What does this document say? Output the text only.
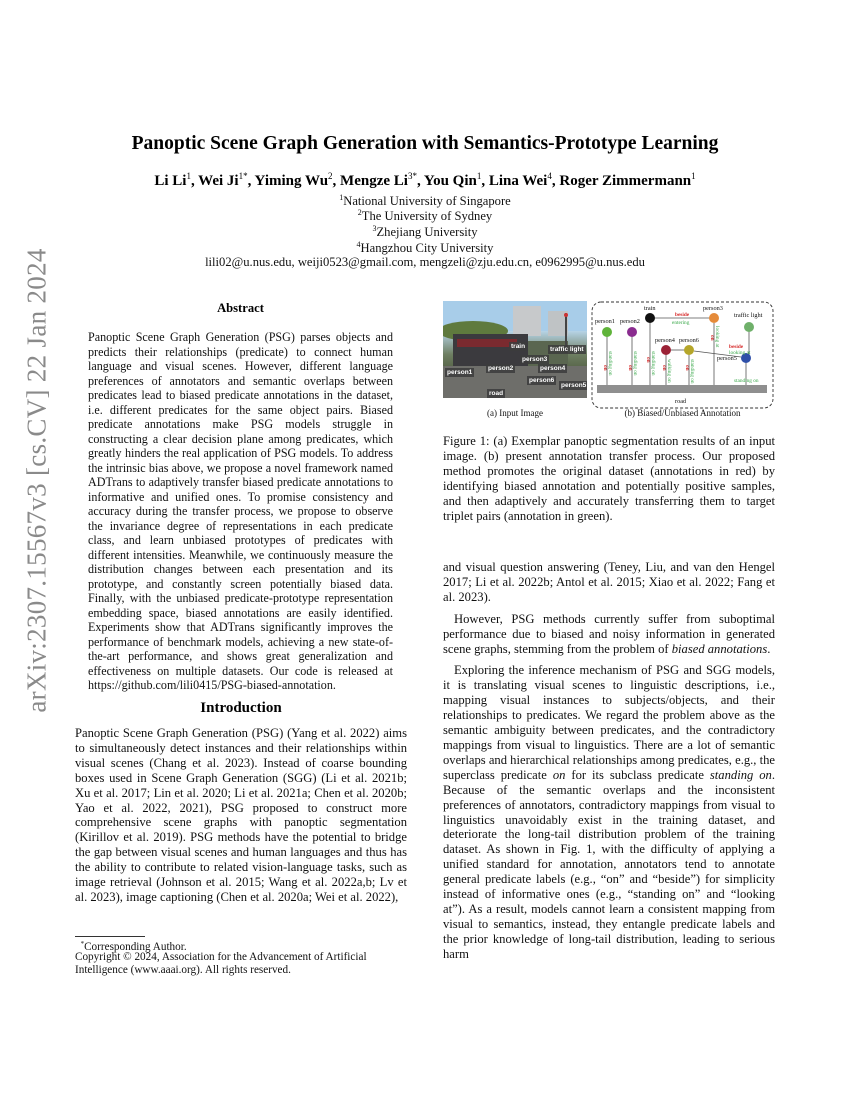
arXiv:2307.15567v3 [cs.CV] 22 Jan 2024
Panoptic Scene Graph Generation with Semantics-Prototype Learning
Li Li$^1$, Wei $Ji^{1*}$, Yiming Wu$^2$, Mengze $Li^{3*}$, You Qin$^1$, Lina Wei$^4$, Roger Zimmermann$^1$
$^1$National University of Singapore
$^2$The University of Sydney
$^3$Zhejiang University
$^4$Hangzhou City University
lili02@u.nus.edu, weiji0523@gmail.com, mengzeli@zju.edu.cn, e0962995@u.nus.edu
Abstract
Panoptic Scene Graph Generation (PSG) parses objects and predicts their relationships (predicate) to connect human language and visual scenes. However, different language preferences of annotators and semantic overlaps between predicates lead to biased predicate annotations in the dataset, i.e. different predicates for the same object pairs. Biased predicate annotations make PSG models struggle in constructing a clear decision plane among predicates, which greatly hinders the real application of PSG models. To address the intrinsic bias above, we propose a novel framework named ADTrans to adaptively transfer biased predicate annotations to informative and unified ones. To promise consistency and accuracy during the transfer process, we propose to observe the invariance degree of representations in each predicate class, and learn unbiased prototypes of predicates with different intensities. Meanwhile, we continuously measure the distribution changes between each presentation and its prototype, and constantly screen potentially biased data. Finally, with the unbiased predicate-prototype representation embedding space, biased annotations are easily identified. Experiments show that ADTrans significantly improves the performance of benchmark models, achieving a new state-of-the-art performance, and shows great generalization and effectiveness on multiple datasets. Our code is released at https://github.com/lili0415/PSG-biased-annotation.
Introduction

Panoptic Scene Graph Generation (PSG) (Yang et al. 2022) aims to simultaneously detect instances and their relationships within visual scenes (Chang et al. 2023). Instead of coarse bounding boxes used in Scene Graph Generation (SGG) (Li et al. 2021b; Xu et al. 2017; Lin et al. 2020; Li et al. 2021a; Chen et al. 2020b; Yao et al. 2022, 2021), PSG proposed to construct more comprehensive scene graphs with panoptic segmentation (Kirillov et al. 2019). PSG methods have the potential to bridge the gap between visual scenes and human languages and thus has the ability to contribute to related vision-language tasks, such as image retrieval (Johnson et al. 2015; Wang et al. 2022a,b; Lv et al. 2023), image captioning (Chen et al. 2020a; Wei et al. 2022),

*Corresponding Author.
Copyright © 2024, Association for the Advancement of Artificial Intelligence (www.aaai.org). All rights reserved.
train	traffic light
person3
person2
person1
person4
person6
person5
road
(a) Input Image
person1 person2
train	person3
traffic light
person4
person5
person6
road
on	on
on
on	on
beside
beside
on
standing on	standing on standing on
looking at
walking on	standing on
entering
looking at
standing on
(b) Biased/Unbiased Annotation
Figure 1: (a) Exemplar panoptic segmentation results of an input image. (b) present annotation transfer process. Our proposed method promotes the original dataset (annotations in red) by identifying biased annotation and potentially positive samples, and then adaptively and accurately transferring them to target triplet pairs (annotation in green).

and visual question answering (Teney, Liu, and van den Hengel 2017; Li et al. 2022b; Antol et al. 2015; Xiao et al. 2022; Fang et al. 2023).

However, PSG methods currently suffer from suboptimal performance due to biased and noisy information in generated scene graphs, stemming from the problem of biased annotations.

Exploring the inference mechanism of PSG and SGG models, it is translating visual scenes to linguistic descriptions, i.e., mapping visual instances to subjects/objects, and their relationships to predicates. We regard the problem above as the semantic ambiguity between predicates, and the contradictory mappings from visual to linguistics. There are a lot of semantic overlaps and hierarchical relationships among predicates, e.g., the superclass predicate on for its subclass predicate standing on. Because of the semantic overlaps and the inconsistent preferences of annotators, contradictory mappings from visual to linguistics unavoidably exist in the training dataset, and deteriorate the long-tail distribution problem of the training dataset. As shown in Fig. 1, with the difficulty of applying a unified standard for annotation, annotators tend to annotate general predicate labels (e.g., “on” and “beside”) for simplicity instead of informative ones (e.g., “standing on” and “looking at”). As a result, models cannot learn a consistent mapping from visual to semantics, instead, they entangle predicate labels and the prior knowledge of long-tail distribution, leading to serious harm
